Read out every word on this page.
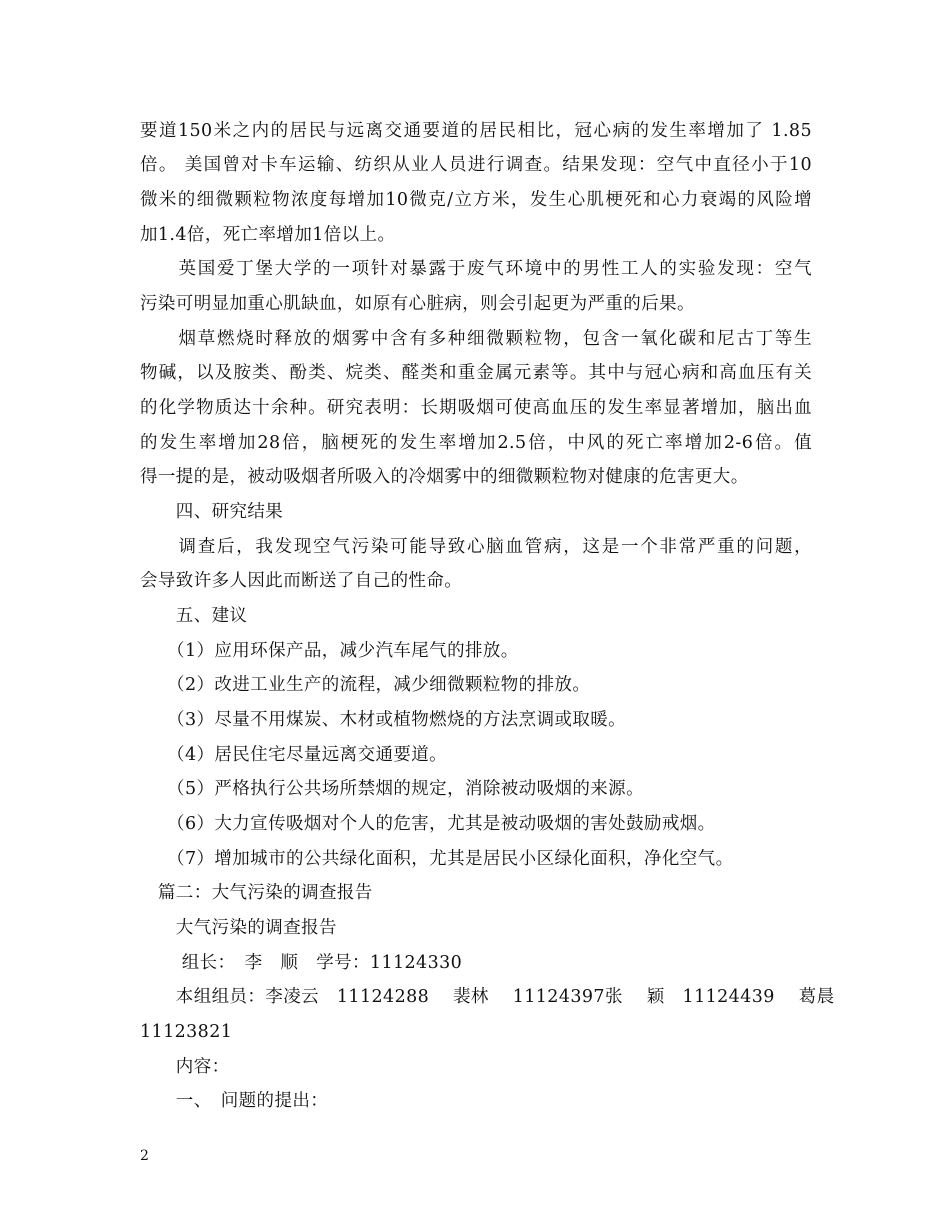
要道150米之内的居民与远离交通要道的居民相比，冠心病的发生率增加了 1.85
倍。 美国曾对卡车运输、纺织从业人员进行调查。结果发现：空气中直径小于10
微米的细微颗粒物浓度每增加10微克/立方米，发生心肌梗死和心力衰竭的风险增
加1.4倍，死亡率增加1倍以上。
　　英国爱丁堡大学的一项针对暴露于废气环境中的男性工人的实验发现：空气
污染可明显加重心肌缺血，如原有心脏病，则会引起更为严重的后果。
　　烟草燃烧时释放的烟雾中含有多种细微颗粒物，包含一氧化碳和尼古丁等生
物碱，以及胺类、酚类、烷类、醛类和重金属元素等。其中与冠心病和高血压有关
的化学物质达十余种。研究表明：长期吸烟可使高血压的发生率显著增加，脑出血
的发生率增加28倍，脑梗死的发生率增加2.5倍，中风的死亡率增加2-6倍。值
得一提的是，被动吸烟者所吸入的冷烟雾中的细微颗粒物对健康的危害更大。
　　四、研究结果
　　调查后，我发现空气污染可能导致心脑血管病，这是一个非常严重的问题，
会导致许多人因此而断送了自己的性命。
　　五、建议
　　（1）应用环保产品，减少汽车尾气的排放。
　　（2）改进工业生产的流程，减少细微颗粒物的排放。
　　（3）尽量不用煤炭、木材或植物燃烧的方法烹调或取暖。
　　（4）居民住宅尽量远离交通要道。
　　（5）严格执行公共场所禁烟的规定，消除被动吸烟的来源。
　　（6）大力宣传吸烟对个人的危害，尤其是被动吸烟的害处鼓励戒烟。
　　（7）增加城市的公共绿化面积，尤其是居民小区绿化面积，净化空气。
　篇二：大气污染的调查报告
　　大气污染的调查报告
　　 组长：　李　顺　学号：11124330
　　本组组员：李凌云　11124288　 裴林　 11124397张　 颖　11124439　 葛晨
11123821
　　内容：
　　一、　问题的提出：
2
